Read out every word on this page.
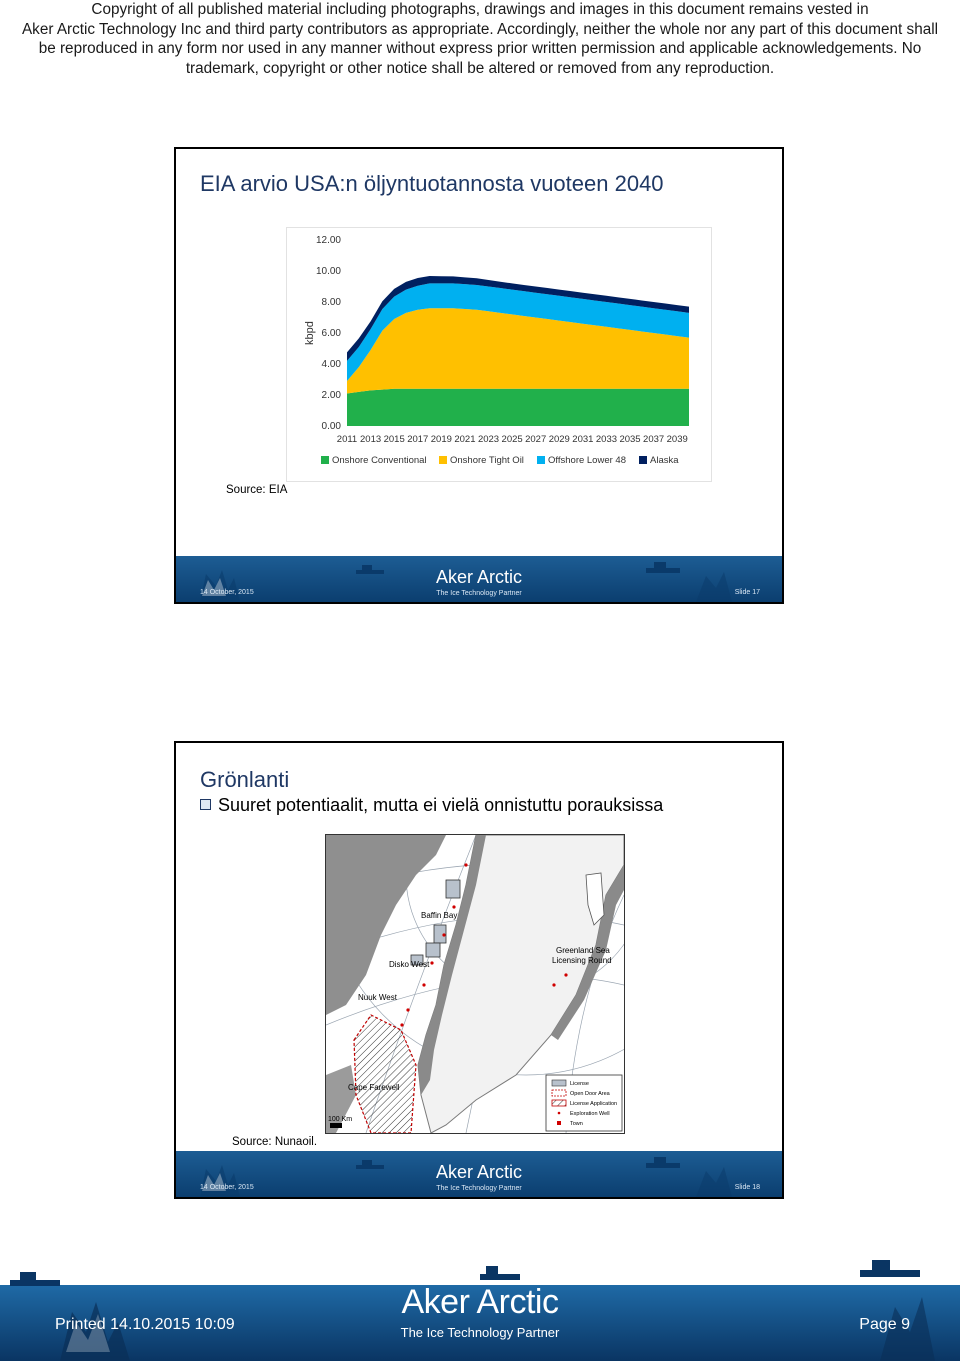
Copyright of all published material including photographs, drawings and images in this document remains vested in

Aker Arctic Technology Inc and third party contributors as appropriate. Accordingly, neither the whole nor any part of this document shall

be reproduced in any form nor used in any manner without express prior written permission and applicable acknowledgements. No

trademark, copyright or other notice shall be altered or removed from any reproduction.

EIA arvio USA:n öljyntuotannosta vuoteen 2040
0.00
2.00
4.00
6.00
8.00
10.00
12.00
kbpd
2011 2013 2015 2017 2019 2021 2023 2025 2027 2029 2031 2033 2035 2037 2039
Onshore Conventional Onshore Tight Oil	Offshore Lower 48	Alaska
Source: EIA
Aker Arctic
14 October, 2015	The Ice Technology Partner	Slide 17
Grönlanti
Suuret potentiaalit, mutta ei vielä onnistuttu porauksissa
Baffin Bay
Disko West
Nuuk West
Cape Farewell
Greenland Sea
Licensing Round
100 Km
License
Open Door Area
License Application
Exploration Well
Town
Source: Nunaoil.
Aker Arctic
14 October, 2015	The Ice Technology Partner	Slide 18
Aker Arctic
Printed 14.10.2015 10:09	The Ice Technology Partner	Page 9
